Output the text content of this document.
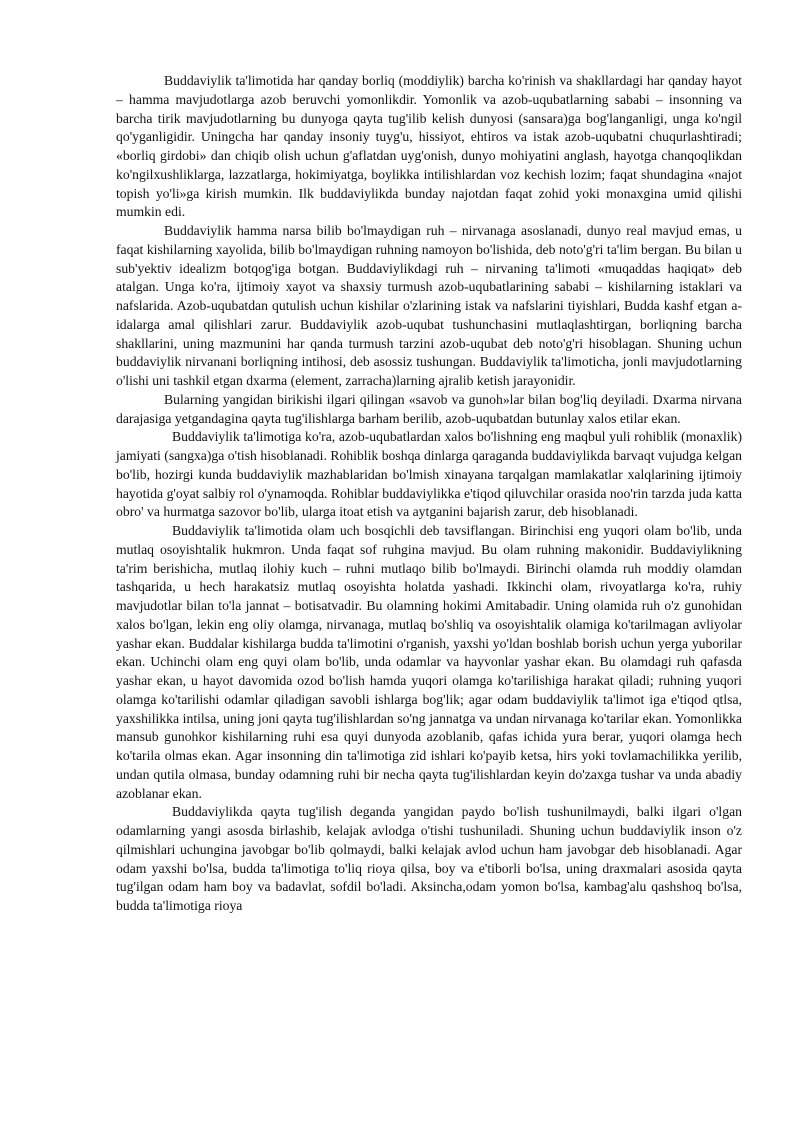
Buddaviylik ta'limotida har qanday borliq (moddiylik) barcha ko'rinish va shakllardagi har qanday hayot – hamma mavjudotlarga azob beruvchi yomonlikdir. Yomonlik va azob-uqubatlarning sababi – insonning va barcha tirik mavjudotlarning bu dunyoga qayta tug'ilib kelish dunyosi (sansara)ga bog'langanligi, unga ko'ngil qo'yganligidir. Uningcha har qanday insoniy tuyg'u, hissiyot, ehtiros va istak azob-uqubatni chuqurlashtiradi; «borliq girdobi» dan chiqib olish uchun g'aflatdan uyg'onish, dunyo mohiyatini anglash, hayotga chanqoqlikdan ko'ngilxushliklarga, lazzatlarga, hokimiyatga, boylikka intilishlardan voz kechish lozim; faqat shundagina «najot topish yo'li»ga kirish mumkin. Ilk buddaviylikda bunday najotdan faqat zohid yoki monaxgina umid qilishi mumkin edi.

Buddaviylik hamma narsa bilib bo'lmaydigan ruh – nirvanaga asoslanadi, dunyo real mavjud emas, u faqat kishilarning xayolida, bilib bo'lmaydigan ruhning namoyon bo'lishida, deb noto'g'ri ta'lim bergan. Bu bilan u sub'yektiv idealizm botqog'iga botgan. Buddaviylikdagi ruh – nirvaning ta'limoti «muqaddas haqiqat» deb atalgan. Unga ko'ra, ijtimoiy xayot va shaxsiy turmush azob-uqubatlarining sababi – kishilarning istaklari va nafslarida. Azob-uqubatdan qutulish uchun kishilar o'zlarining istak va nafslarini tiyishlari, Budda kashf etgan a-idalarga amal qilishlari zarur. Buddaviylik azob-uqubat tushunchasini mutlaqlashtirgan, borliqning barcha shakllarini, uning mazmunini har qanda turmush tarzini azob-uqubat deb noto'g'ri hisoblagan. Shuning uchun buddaviylik nirvanani borliqning intihosi, deb asossiz tushungan. Buddaviylik ta'limoticha, jonli mavjudotlarning o'lishi uni tashkil etgan dxarma (element, zarracha)larning ajralib ketish jarayonidir.

Bularning yangidan birikishi ilgari qilingan «savob va gunoh»lar bilan bog'liq deyiladi. Dxarma nirvana darajasiga yetgandagina qayta tug'ilishlarga barham berilib, azob-uqubatdan butunlay xalos etilar ekan.

Buddaviylik ta'limotiga ko'ra, azob-uqubatlardan xalos bo'lishning eng maqbul yuli rohiblik (monaxlik) jamiyati (sangxa)ga o'tish hisoblanadi. Rohiblik boshqa dinlarga qaraganda buddaviylikda barvaqt vujudga kelgan bo'lib, hozirgi kunda buddaviylik mazhablaridan bo'lmish xinayana tarqalgan mamlakatlar xalqlarining ijtimoiy hayotida g'oyat salbiy rol o'ynamoqda. Rohiblar buddaviylikka e'tiqod qiluvchilar orasida noo'rin tarzda juda katta obro' va hurmatga sazovor bo'lib, ularga itoat etish va aytganini bajarish zarur, deb hisoblanadi.

Buddaviylik ta'limotida olam uch bosqichli deb tavsiflangan. Birinchisi eng yuqori olam bo'lib, unda mutlaq osoyishtalik hukmron. Unda faqat sof ruhgina mavjud. Bu olam ruhning makonidir. Buddaviylikning ta'rim berishicha, mutlaq ilohiy kuch – ruhni mutlaqo bilib bo'lmaydi. Birinchi olamda ruh moddiy olamdan tashqarida, u hech harakatsiz mutlaq osoyishta holatda yashadi. Ikkinchi olam, rivoyatlarga ko'ra, ruhiy mavjudotlar bilan to'la jannat – botisatvadir. Bu olamning hokimi Amitabadir. Uning olamida ruh o'z gunohidan xalos bo'lgan, lekin eng oliy olamga, nirvanaga, mutlaq bo'shliq va osoyishtalik olamiga ko'tarilmagan avliyolar yashar ekan. Buddalar kishilarga budda ta'limotini o'rganish, yaxshi yo'ldan boshlab borish uchun yerga yuborilar ekan. Uchinchi olam eng quyi olam bo'lib, unda odamlar va hayvonlar yashar ekan. Bu olamdagi ruh qafasda yashar ekan, u hayot davomida ozod bo'lish hamda yuqori olamga ko'tarilishiga harakat qiladi; ruhning yuqori olamga ko'tarilishi odamlar qiladigan savobli ishlarga bog'lik; agar odam buddaviylik ta'limot iga e'tiqod qtlsa, yaxshilikka intilsa, uning joni qayta tug'ilishlardan so'ng jannatga va undan nirvanaga ko'tarilar ekan. Yomonlikka mansub gunohkor kishilarning ruhi esa quyi dunyoda azoblanib, qafas ichida yura berar, yuqori olamga hech ko'tarila olmas ekan. Agar insonning din ta'limotiga zid ishlari ko'payib ketsa, hirs yoki tovlamachilikka yerilib, undan qutila olmasa, bunday odamning ruhi bir necha qayta tug'ilishlardan keyin do'zaxga tushar va unda abadiy azoblanar ekan.

Buddaviylikda qayta tug'ilish deganda yangidan paydo bo'lish tushunilmaydi, balki ilgari o'lgan odamlarning yangi asosda birlashib, kelajak avlodga o'tishi tushuniladi. Shuning uchun buddaviylik inson o'z qilmishlari uchungina javobgar bo'lib qolmaydi, balki kelajak avlod uchun ham javobgar deb hisoblanadi. Agar odam yaxshi bo'lsa, budda ta'limotiga to'liq rioya qilsa, boy va e'tiborli bo'lsa, uning draxmalari asosida qayta tug'ilgan odam ham boy va badavlat, sofdil bo'ladi. Aksincha,odam yomon bo'lsa, kambag'alu qashshoq bo'lsa, budda ta'limotiga rioya
